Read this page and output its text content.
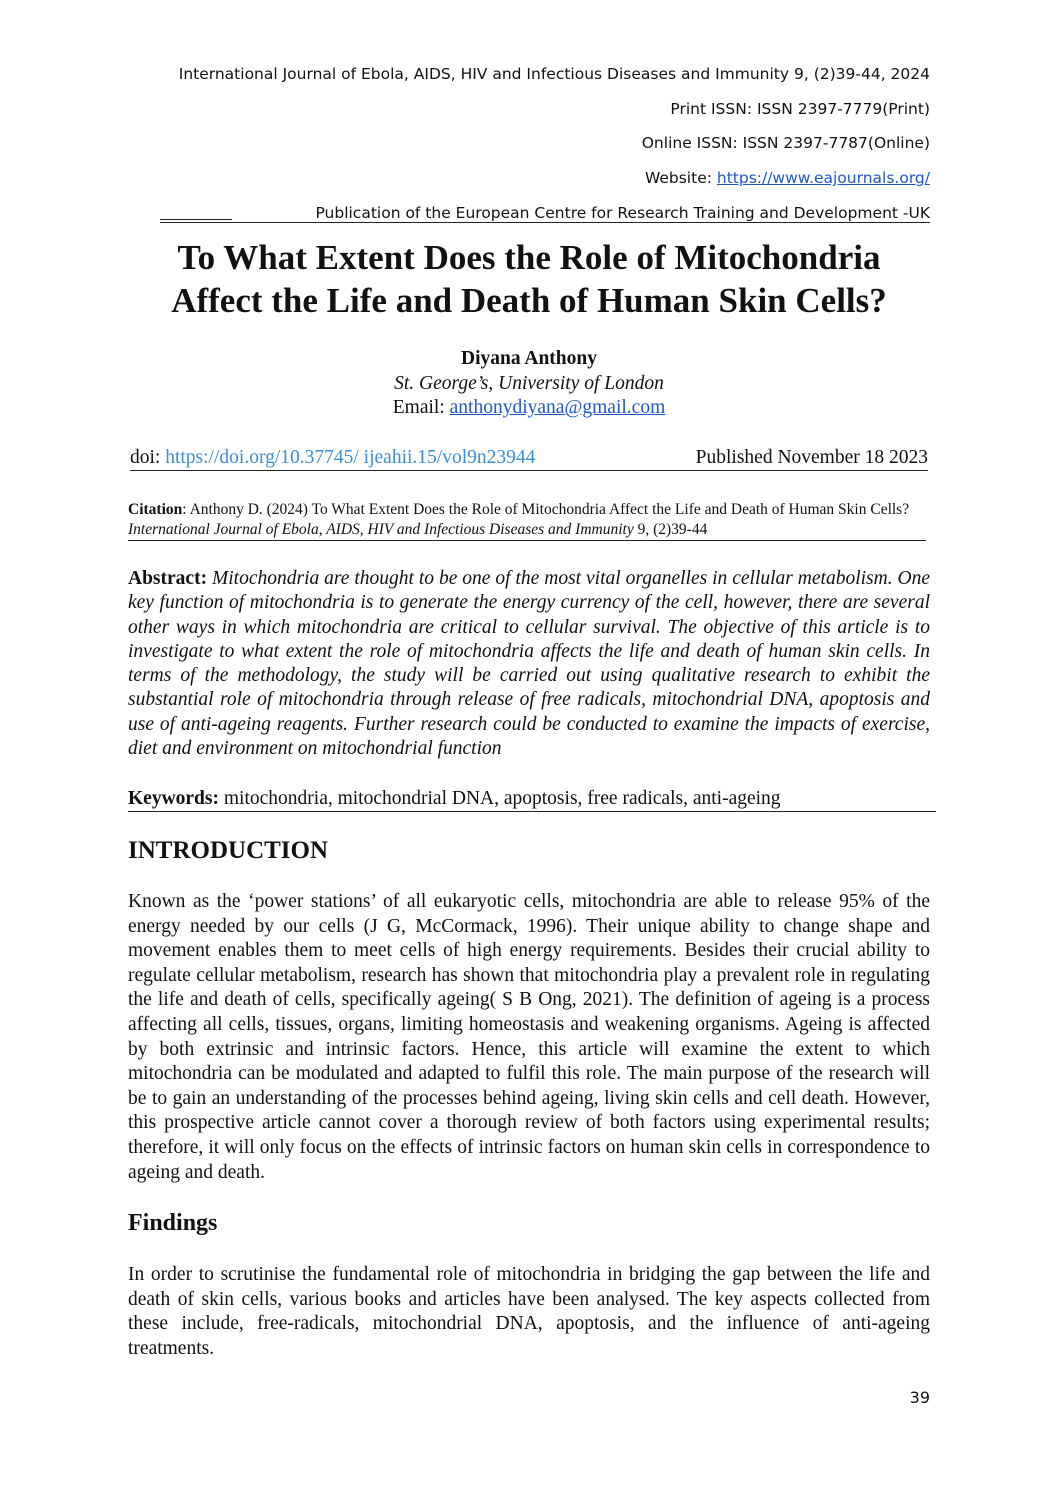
International Journal of Ebola, AIDS, HIV and Infectious Diseases and Immunity 9, (2)39-44, 2024
Print ISSN: ISSN 2397-7779(Print)
Online ISSN: ISSN 2397-7787(Online)
Website: https://www.eajournals.org/
Publication of the European Centre for Research Training and Development -UK
To What Extent Does the Role of Mitochondria
Affect the Life and Death of Human Skin Cells?
Diyana Anthony
St. George’s, University of London
Email: anthonydiyana@gmail.com
doi: https://doi.org/10.37745/ ijeahii.15/vol9n23944	Published November 18 2023
Citation: Anthony D. (2024) To What Extent Does the Role of Mitochondria Affect the Life and Death of Human Skin Cells? International Journal of Ebola, AIDS, HIV and Infectious Diseases and Immunity 9, (2)39-44
Abstract: Mitochondria are thought to be one of the most vital organelles in cellular metabolism. One key function of mitochondria is to generate the energy currency of the cell, however, there are several other ways in which mitochondria are critical to cellular survival. The objective of this article is to investigate to what extent the role of mitochondria affects the life and death of human skin cells. In terms of the methodology, the study will be carried out using qualitative research to exhibit the substantial role of mitochondria through release of free radicals, mitochondrial DNA, apoptosis and use of anti-ageing reagents. Further research could be conducted to examine the impacts of exercise, diet and environment on mitochondrial function
Keywords: mitochondria, mitochondrial DNA, apoptosis, free radicals, anti-ageing
INTRODUCTION
Known as the ‘power stations’ of all eukaryotic cells, mitochondria are able to release 95% of the energy needed by our cells (J G, McCormack, 1996). Their unique ability to change shape and movement enables them to meet cells of high energy requirements. Besides their crucial ability to regulate cellular metabolism, research has shown that mitochondria play a prevalent role in regulating the life and death of cells, specifically ageing( S B Ong, 2021). The definition of ageing is a process affecting all cells, tissues, organs, limiting homeostasis and weakening organisms. Ageing is affected by both extrinsic and intrinsic factors. Hence, this article will examine the extent to which mitochondria can be modulated and adapted to fulfil this role. The main purpose of the research will be to gain an understanding of the processes behind ageing, living skin cells and cell death. However, this prospective article cannot cover a thorough review of both factors using experimental results; therefore, it will only focus on the effects of intrinsic factors on human skin cells in correspondence to ageing and death.
Findings
In order to scrutinise the fundamental role of mitochondria in bridging the gap between the life and death of skin cells, various books and articles have been analysed. The key aspects collected from these include, free-radicals, mitochondrial DNA, apoptosis, and the influence of anti-ageing treatments.
39
